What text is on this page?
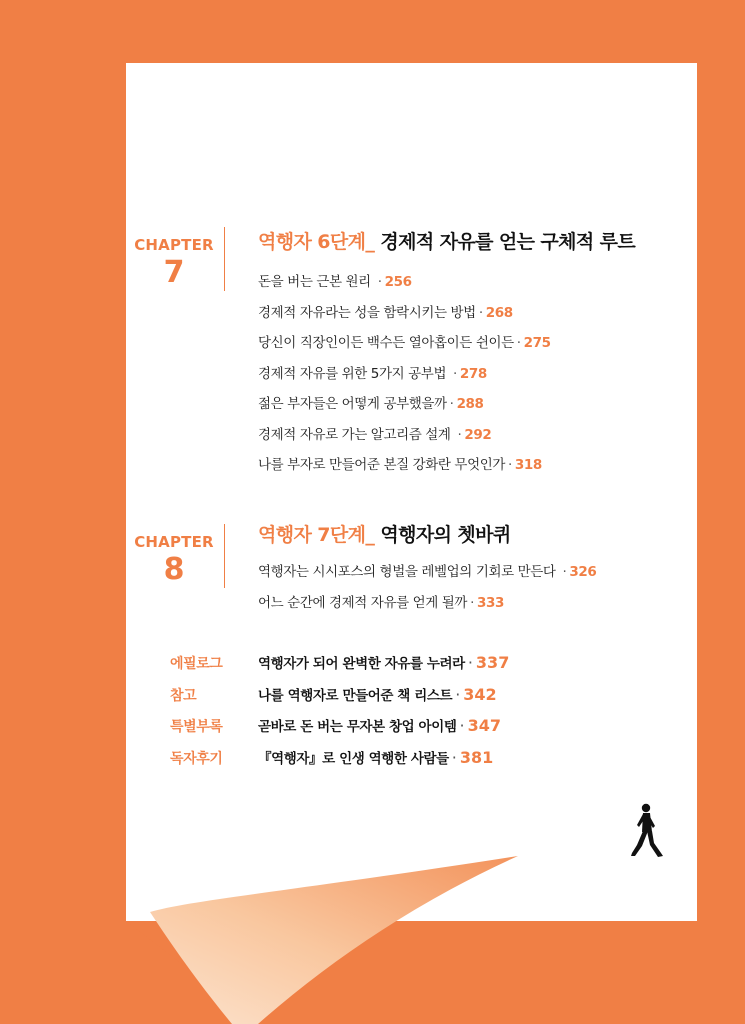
CHAPTER
7
역행자 6단계_ 경제적 자유를 얻는 구체적 루트
돈을 버는 근본 원리 · 256
경제적 자유라는 성을 함락시키는 방법 · 268
당신이 직장인이든 백수든 열아홉이든 쉰이든 · 275
경제적 자유를 위한 5가지 공부법 · 278
젊은 부자들은 어떻게 공부했을까 · 288
경제적 자유로 가는 알고리즘 설계 · 292
나를 부자로 만들어준 본질 강화란 무엇인가 · 318
CHAPTER
8
역행자 7단계_ 역행자의 쳇바퀴
역행자는 시시포스의 형벌을 레벨업의 기회로 만든다 · 326
어느 순간에 경제적 자유를 얻게 될까 · 333
에필로그	역행자가 되어 완벽한 자유를 누려라 · 337
참고	나를 역행자로 만들어준 책 리스트 · 342
특별부록	곧바로 돈 버는 무자본 창업 아이템 · 347
독자후기	『역행자』로 인생 역행한 사람들 · 381
